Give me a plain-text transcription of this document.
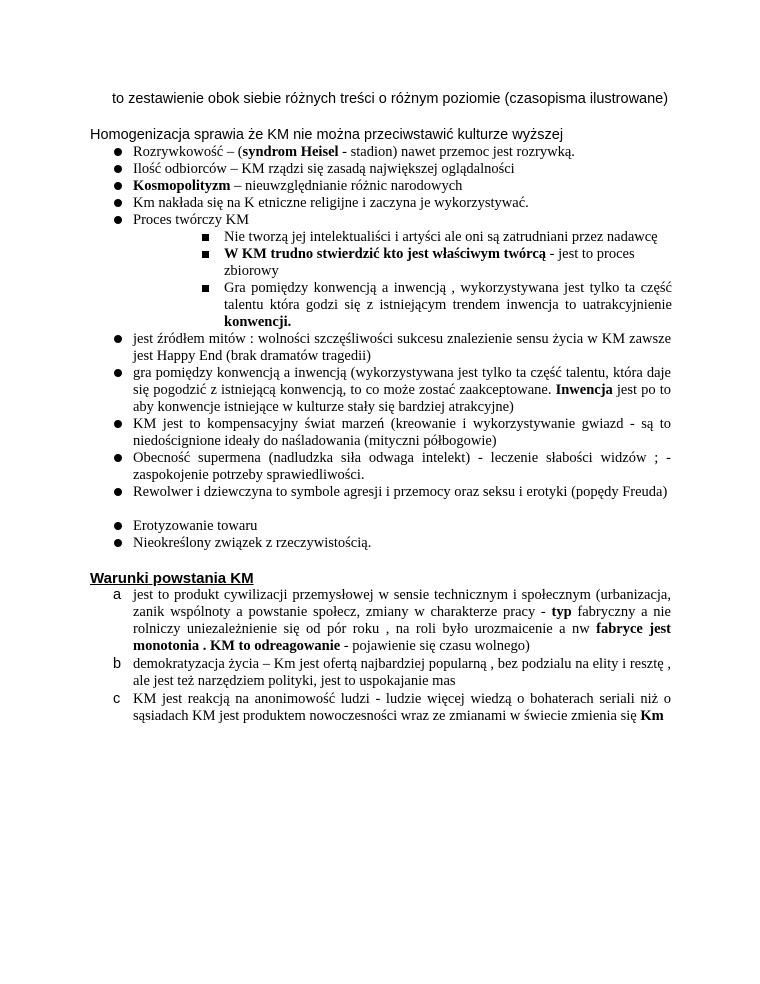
to zestawienie obok siebie różnych treści o różnym poziomie (czasopisma ilustrowane)

Homogenizacja sprawia że KM nie można przeciwstawić kulturze wyższej

Rozrywkowość – (syndrom Heisel - stadion) nawet przemoc jest rozrywką.
Ilość odbiorców – KM rządzi się zasadą największej oglądalności
Kosmopolityzm – nieuwzględnianie różnic narodowych
Km nakłada się na K etniczne religijne i zaczyna je wykorzystywać.
Proces twórczy KM
Nie tworzą jej intelektualiści i artyści ale oni są zatrudniani przez nadawcę
W KM trudno stwierdzić kto jest właściwym twórcą - jest to proces zbiorowy
Gra pomiędzy konwencją a inwencją , wykorzystywana jest tylko ta część talentu która godzi się z istniejącym trendem inwencja to uatrakcyjnienie konwencji.
jest źródłem mitów : wolności szczęśliwości sukcesu znalezienie sensu życia w KM zawsze jest Happy End (brak dramatów tragedii)
gra pomiędzy konwencją a inwencją (wykorzystywana jest tylko ta część talentu, która daje się pogodzić z istniejącą konwencją, to co może zostać zaakceptowane. Inwencja jest po to aby konwencje istniejące w kulturze stały się bardziej atrakcyjne)
KM jest to kompensacyjny świat marzeń (kreowanie i wykorzystywanie gwiazd - są to niedoścignione ideały do naśladowania (mityczni półbogowie)
Obecność supermena (nadludzka siła odwaga intelekt) - leczenie słabości widzów ; - zaspokojenie potrzeby sprawiedliwości.
Rewolwer i dziewczyna to symbole agresji i przemocy oraz seksu i erotyki (popędy Freuda)
Erotyzowanie towaru
Nieokreślony związek z rzeczywistością.
Warunki powstania KM
a jest to produkt cywilizacji przemysłowej w sensie technicznym i społecznym (urbanizacja, zanik wspólnoty a powstanie społecz, zmiany w charakterze pracy - typ fabryczny a nie rolniczy uniezależnienie się od pór roku , na roli było urozmaicenie a nw fabryce jest monotonia . KM to odreagowanie - pojawienie się czasu wolnego)
b demokratyzacja życia – Km jest ofertą najbardziej popularną , bez podzialu na elity i resztę , ale jest też narzędziem polityki, jest to uspokajanie mas
c KM jest reakcją na anonimowość ludzi - ludzie więcej wiedzą o bohaterach seriali niż o sąsiadach KM jest produktem nowoczesności wraz ze zmianami w świecie zmienia się Km
